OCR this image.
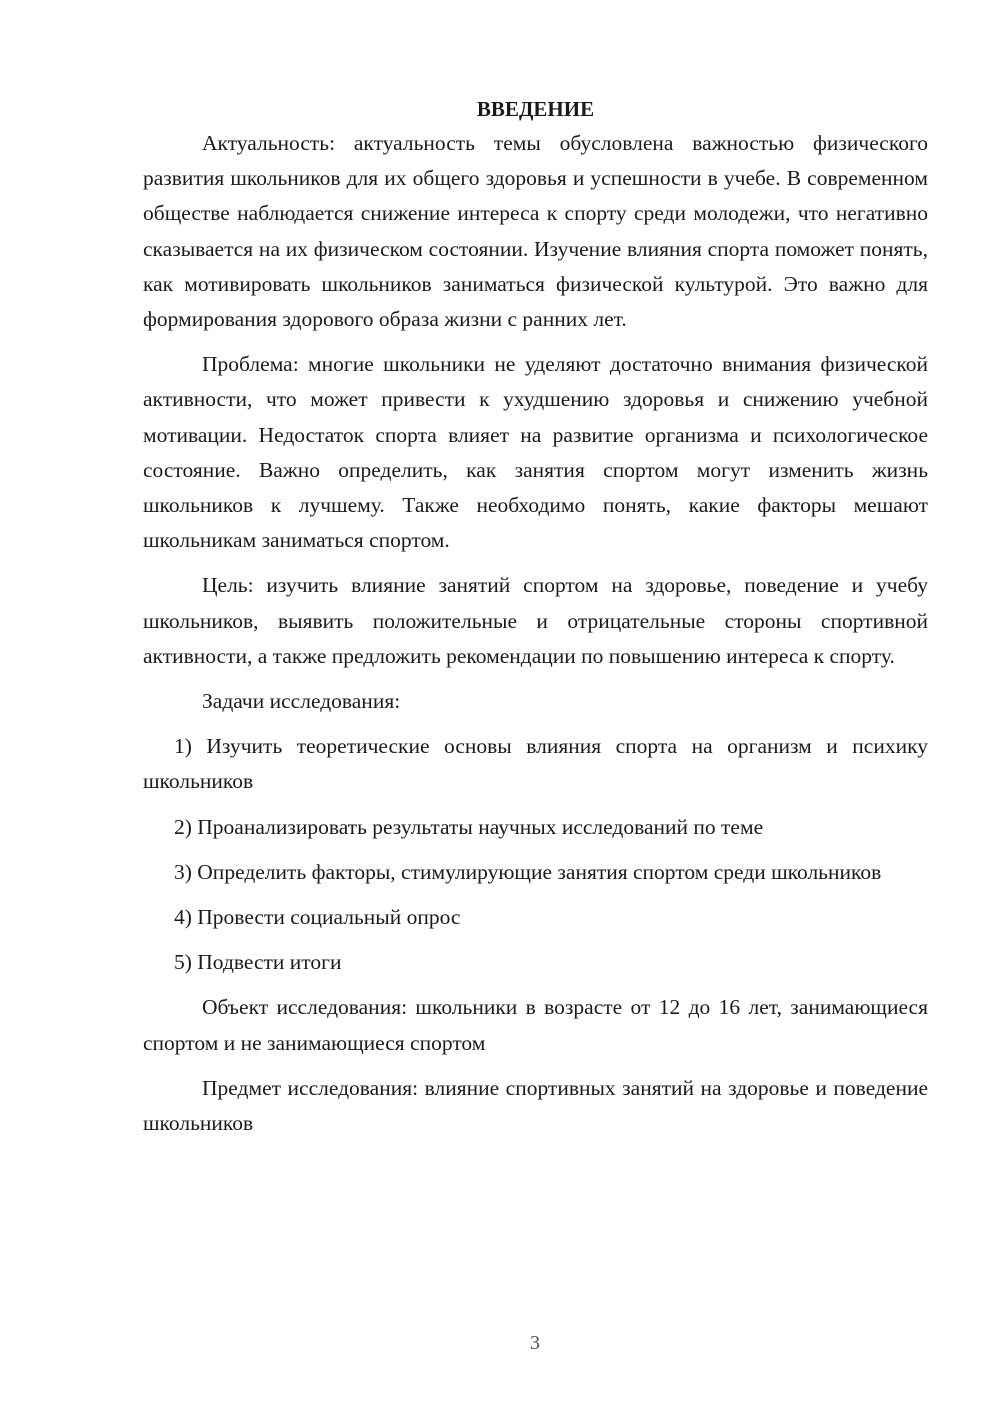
ВВЕДЕНИЕ

Актуальность: актуальность темы обусловлена важностью физического развития школьников для их общего здоровья и успешности в учебе. В современном обществе наблюдается снижение интереса к спорту среди молодежи, что негативно сказывается на их физическом состоянии. Изучение влияния спорта поможет понять, как мотивировать школьников заниматься физической культурой. Это важно для формирования здорового образа жизни с ранних лет.

Проблема: многие школьники не уделяют достаточно внимания физической активности, что может привести к ухудшению здоровья и снижению учебной мотивации. Недостаток спорта влияет на развитие организма и психологическое состояние. Важно определить, как занятия спортом могут изменить жизнь школьников к лучшему. Также необходимо понять, какие факторы мешают школьникам заниматься спортом.

Цель: изучить влияние занятий спортом на здоровье, поведение и учебу школьников, выявить положительные и отрицательные стороны спортивной активности, а также предложить рекомендации по повышению интереса к спорту.

Задачи исследования:

1) Изучить теоретические основы влияния спорта на организм и психику школьников

2) Проанализировать результаты научных исследований по теме

3) Определить факторы, стимулирующие занятия спортом среди школьников

4) Провести социальный опрос

5) Подвести итоги

Объект исследования: школьники в возрасте от 12 до 16 лет, занимающиеся спортом и не занимающиеся спортом

Предмет исследования: влияние спортивных занятий на здоровье и поведение школьников

3
